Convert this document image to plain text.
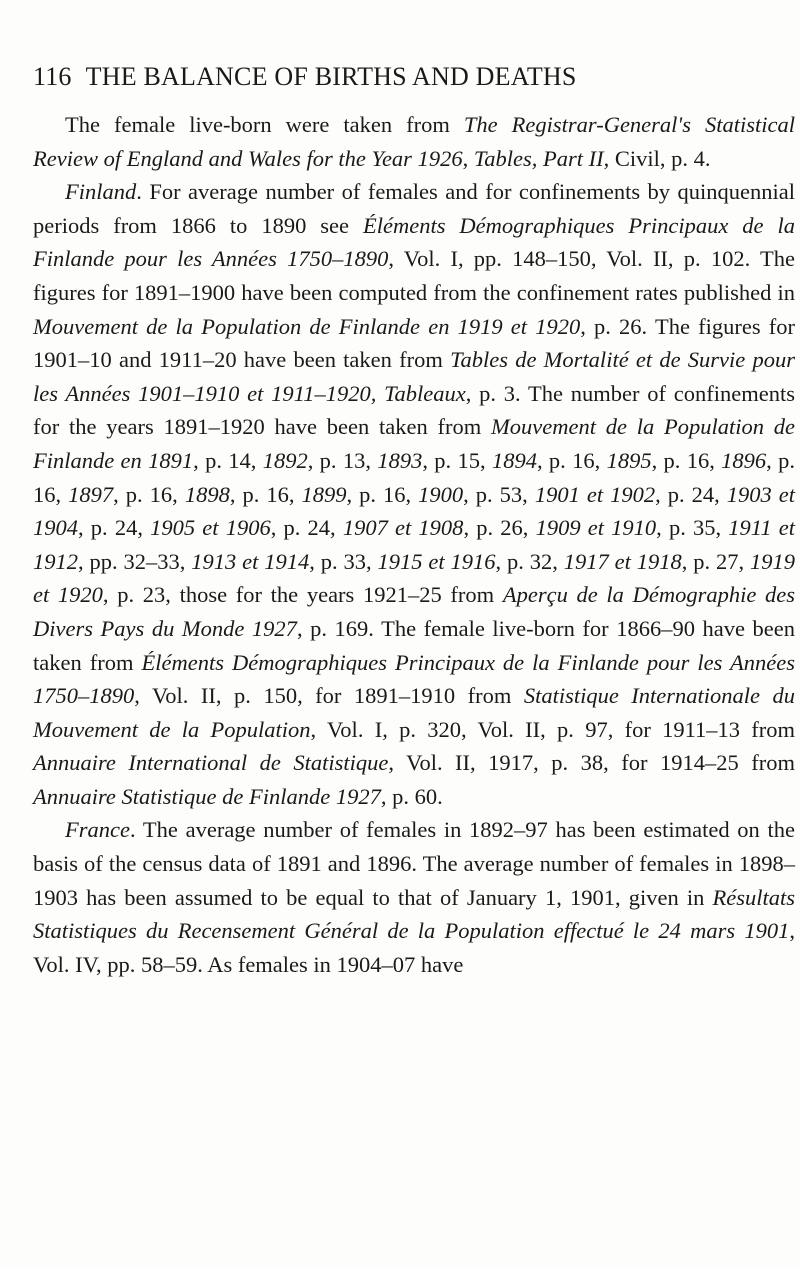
116 THE BALANCE OF BIRTHS AND DEATHS

The female live-born were taken from The Registrar-General's Statistical Review of England and Wales for the Year 1926, Tables, Part II, Civil, p. 4.

Finland. For average number of females and for confinements by quinquennial periods from 1866 to 1890 see Éléments Démographiques Principaux de la Finlande pour les Années 1750–1890, Vol. I, pp. 148–150, Vol. II, p. 102. The figures for 1891–1900 have been computed from the confinement rates published in Mouvement de la Population de Finlande en 1919 et 1920, p. 26. The figures for 1901–10 and 1911–20 have been taken from Tables de Mortalité et de Survie pour les Années 1901–1910 et 1911–1920, Tableaux, p. 3. The number of confinements for the years 1891–1920 have been taken from Mouvement de la Population de Finlande en 1891, p. 14, 1892, p. 13, 1893, p. 15, 1894, p. 16, 1895, p. 16, 1896, p. 16, 1897, p. 16, 1898, p. 16, 1899, p. 16, 1900, p. 53, 1901 et 1902, p. 24, 1903 et 1904, p. 24, 1905 et 1906, p. 24, 1907 et 1908, p. 26, 1909 et 1910, p. 35, 1911 et 1912, pp. 32–33, 1913 et 1914, p. 33, 1915 et 1916, p. 32, 1917 et 1918, p. 27, 1919 et 1920, p. 23, those for the years 1921–25 from Aperçu de la Démographie des Divers Pays du Monde 1927, p. 169. The female live-born for 1866–90 have been taken from Éléments Démographiques Principaux de la Finlande pour les Années 1750–1890, Vol. II, p. 150, for 1891–1910 from Statistique Internationale du Mouvement de la Population, Vol. I, p. 320, Vol. II, p. 97, for 1911–13 from Annuaire International de Statistique, Vol. II, 1917, p. 38, for 1914–25 from Annuaire Statistique de Finlande 1927, p. 60.

France. The average number of females in 1892–97 has been estimated on the basis of the census data of 1891 and 1896. The average number of females in 1898–1903 has been assumed to be equal to that of January 1, 1901, given in Résultats Statistiques du Recensement Général de la Population effectué le 24 mars 1901, Vol. IV, pp. 58–59. As females in 1904–07 have
